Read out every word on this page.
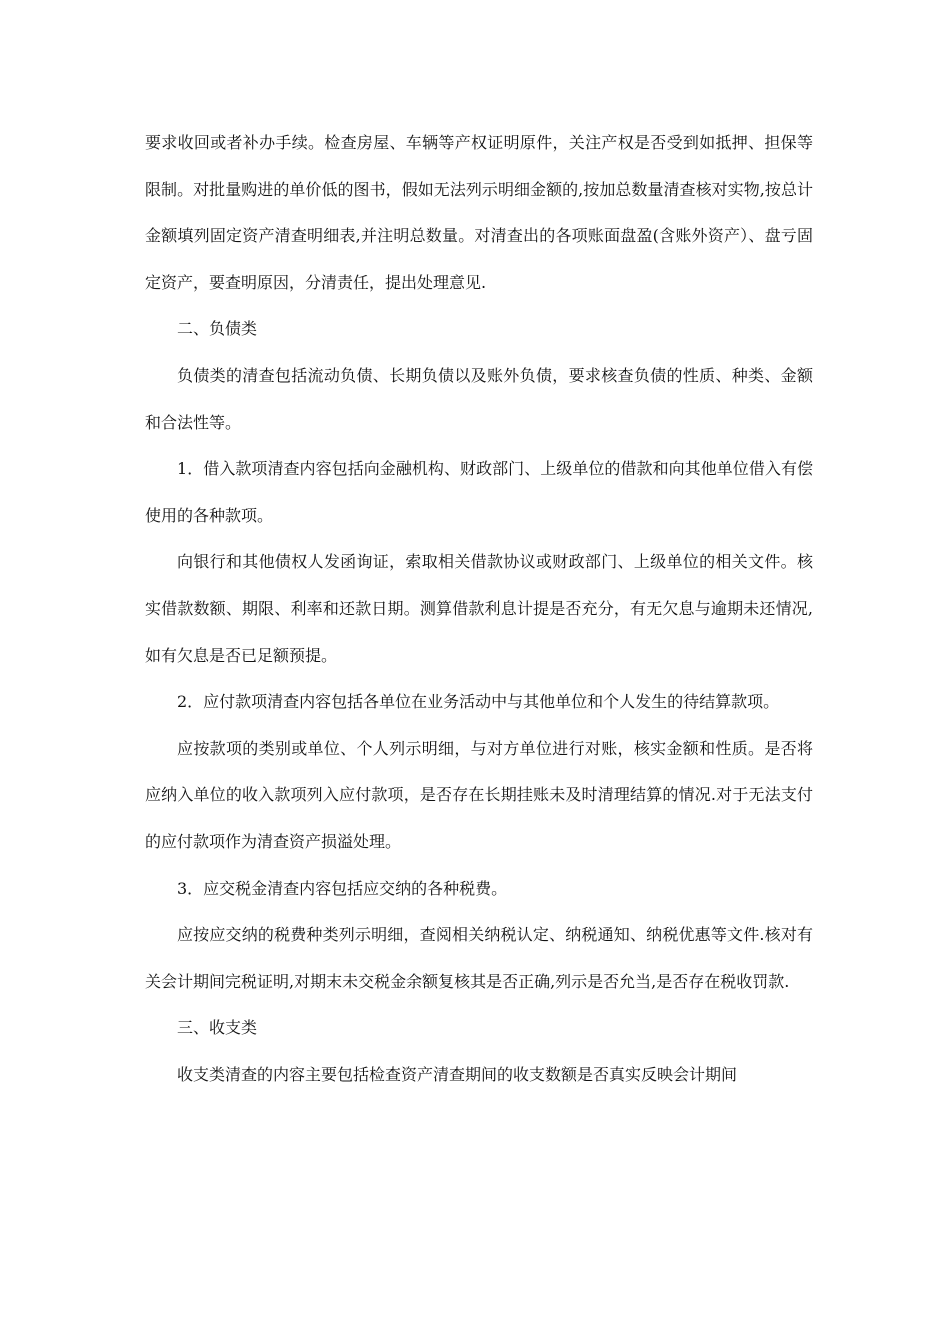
要求收回或者补办手续。检查房屋、车辆等产权证明原件，关注产权是否受到如抵押、担保等限制。对批量购进的单价低的图书，假如无法列示明细金额的,按加总数量清查核对实物,按总计金额填列固定资产清查明细表,并注明总数量。对清查出的各项账面盘盈(含账外资产）、盘亏固定资产，要查明原因，分清责任，提出处理意见.

二、负债类

负债类的清查包括流动负债、长期负债以及账外负债，要求核查负债的性质、种类、金额和合法性等。

1．借入款项清查内容包括向金融机构、财政部门、上级单位的借款和向其他单位借入有偿使用的各种款项。

向银行和其他债权人发函询证，索取相关借款协议或财政部门、上级单位的相关文件。核实借款数额、期限、利率和还款日期。测算借款利息计提是否充分，有无欠息与逾期未还情况,如有欠息是否已足额预提。

2．应付款项清查内容包括各单位在业务活动中与其他单位和个人发生的待结算款项。

应按款项的类别或单位、个人列示明细，与对方单位进行对账，核实金额和性质。是否将应纳入单位的收入款项列入应付款项，是否存在长期挂账未及时清理结算的情况.对于无法支付的应付款项作为清查资产损溢处理。

3．应交税金清查内容包括应交纳的各种税费。

应按应交纳的税费种类列示明细，查阅相关纳税认定、纳税通知、纳税优惠等文件.核对有关会计期间完税证明,对期末未交税金余额复核其是否正确,列示是否允当,是否存在税收罚款.

三、收支类

收支类清查的内容主要包括检查资产清查期间的收支数额是否真实反映会计期间
